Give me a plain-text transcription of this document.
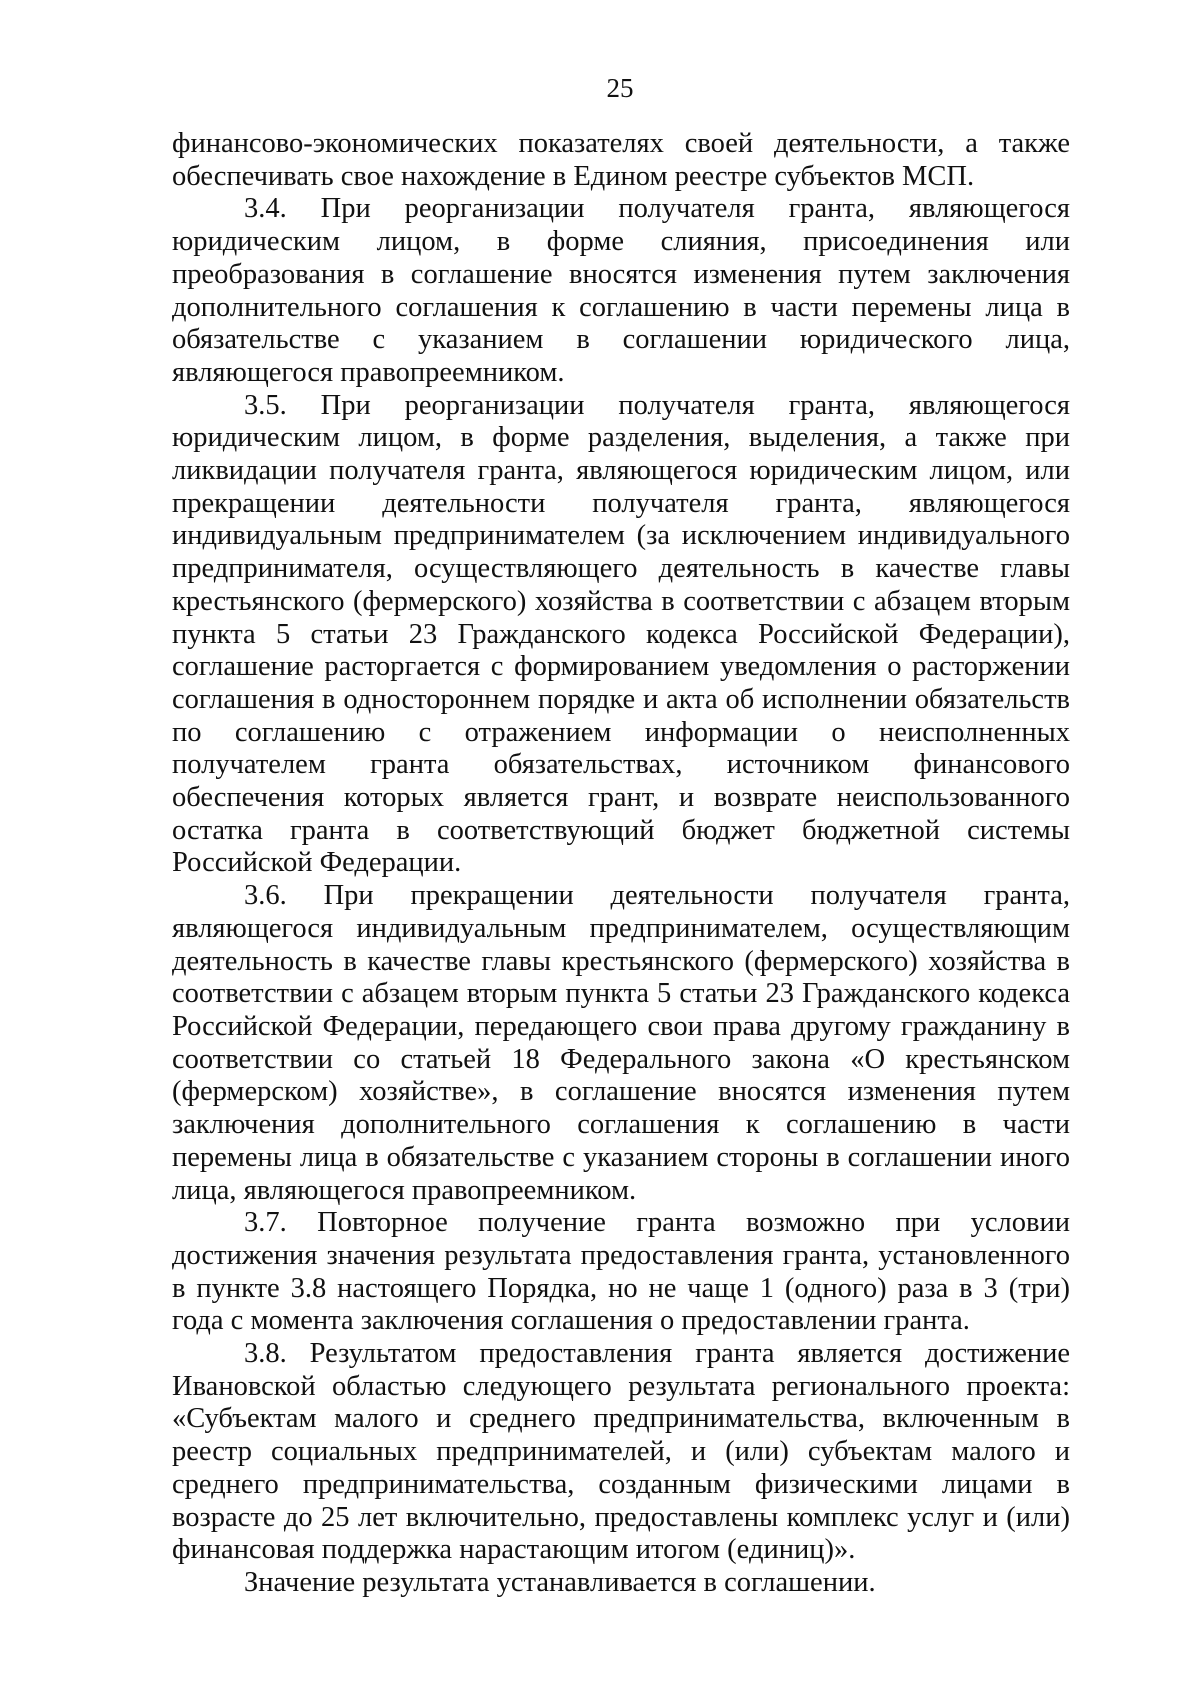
25

финансово-экономических показателях своей деятельности, а также обеспечивать свое нахождение в Едином реестре субъектов МСП.

3.4. При реорганизации получателя гранта, являющегося юридическим лицом, в форме слияния, присоединения или преобразования в соглашение вносятся изменения путем заключения дополнительного соглашения к соглашению в части перемены лица в обязательстве с указанием в соглашении юридического лица, являющегося правопреемником.

3.5. При реорганизации получателя гранта, являющегося юридическим лицом, в форме разделения, выделения, а также при ликвидации получателя гранта, являющегося юридическим лицом, или прекращении деятельности получателя гранта, являющегося индивидуальным предпринимателем (за исключением индивидуального предпринимателя, осуществляющего деятельность в качестве главы крестьянского (фермерского) хозяйства в соответствии с абзацем вторым пункта 5 статьи 23 Гражданского кодекса Российской Федерации), соглашение расторгается с формированием уведомления о расторжении соглашения в одностороннем порядке и акта об исполнении обязательств по соглашению с отражением информации о неисполненных получателем гранта обязательствах, источником финансового обеспечения которых является грант, и возврате неиспользованного остатка гранта в соответствующий бюджет бюджетной системы Российской Федерации.

3.6. При прекращении деятельности получателя гранта, являющегося индивидуальным предпринимателем, осуществляющим деятельность в качестве главы крестьянского (фермерского) хозяйства в соответствии с абзацем вторым пункта 5 статьи 23 Гражданского кодекса Российской Федерации, передающего свои права другому гражданину в соответствии со статьей 18 Федерального закона «О крестьянском (фермерском) хозяйстве», в соглашение вносятся изменения путем заключения дополнительного соглашения к соглашению в части перемены лица в обязательстве с указанием стороны в соглашении иного лица, являющегося правопреемником.

3.7. Повторное получение гранта возможно при условии достижения значения результата предоставления гранта, установленного в пункте 3.8 настоящего Порядка, но не чаще 1 (одного) раза в 3 (три) года с момента заключения соглашения о предоставлении гранта.

3.8. Результатом предоставления гранта является достижение Ивановской областью следующего результата регионального проекта: «Субъектам малого и среднего предпринимательства, включенным в реестр социальных предпринимателей, и (или) субъектам малого и среднего предпринимательства, созданным физическими лицами в возрасте до 25 лет включительно, предоставлены комплекс услуг и (или) финансовая поддержка нарастающим итогом (единиц)».

Значение результата устанавливается в соглашении.
